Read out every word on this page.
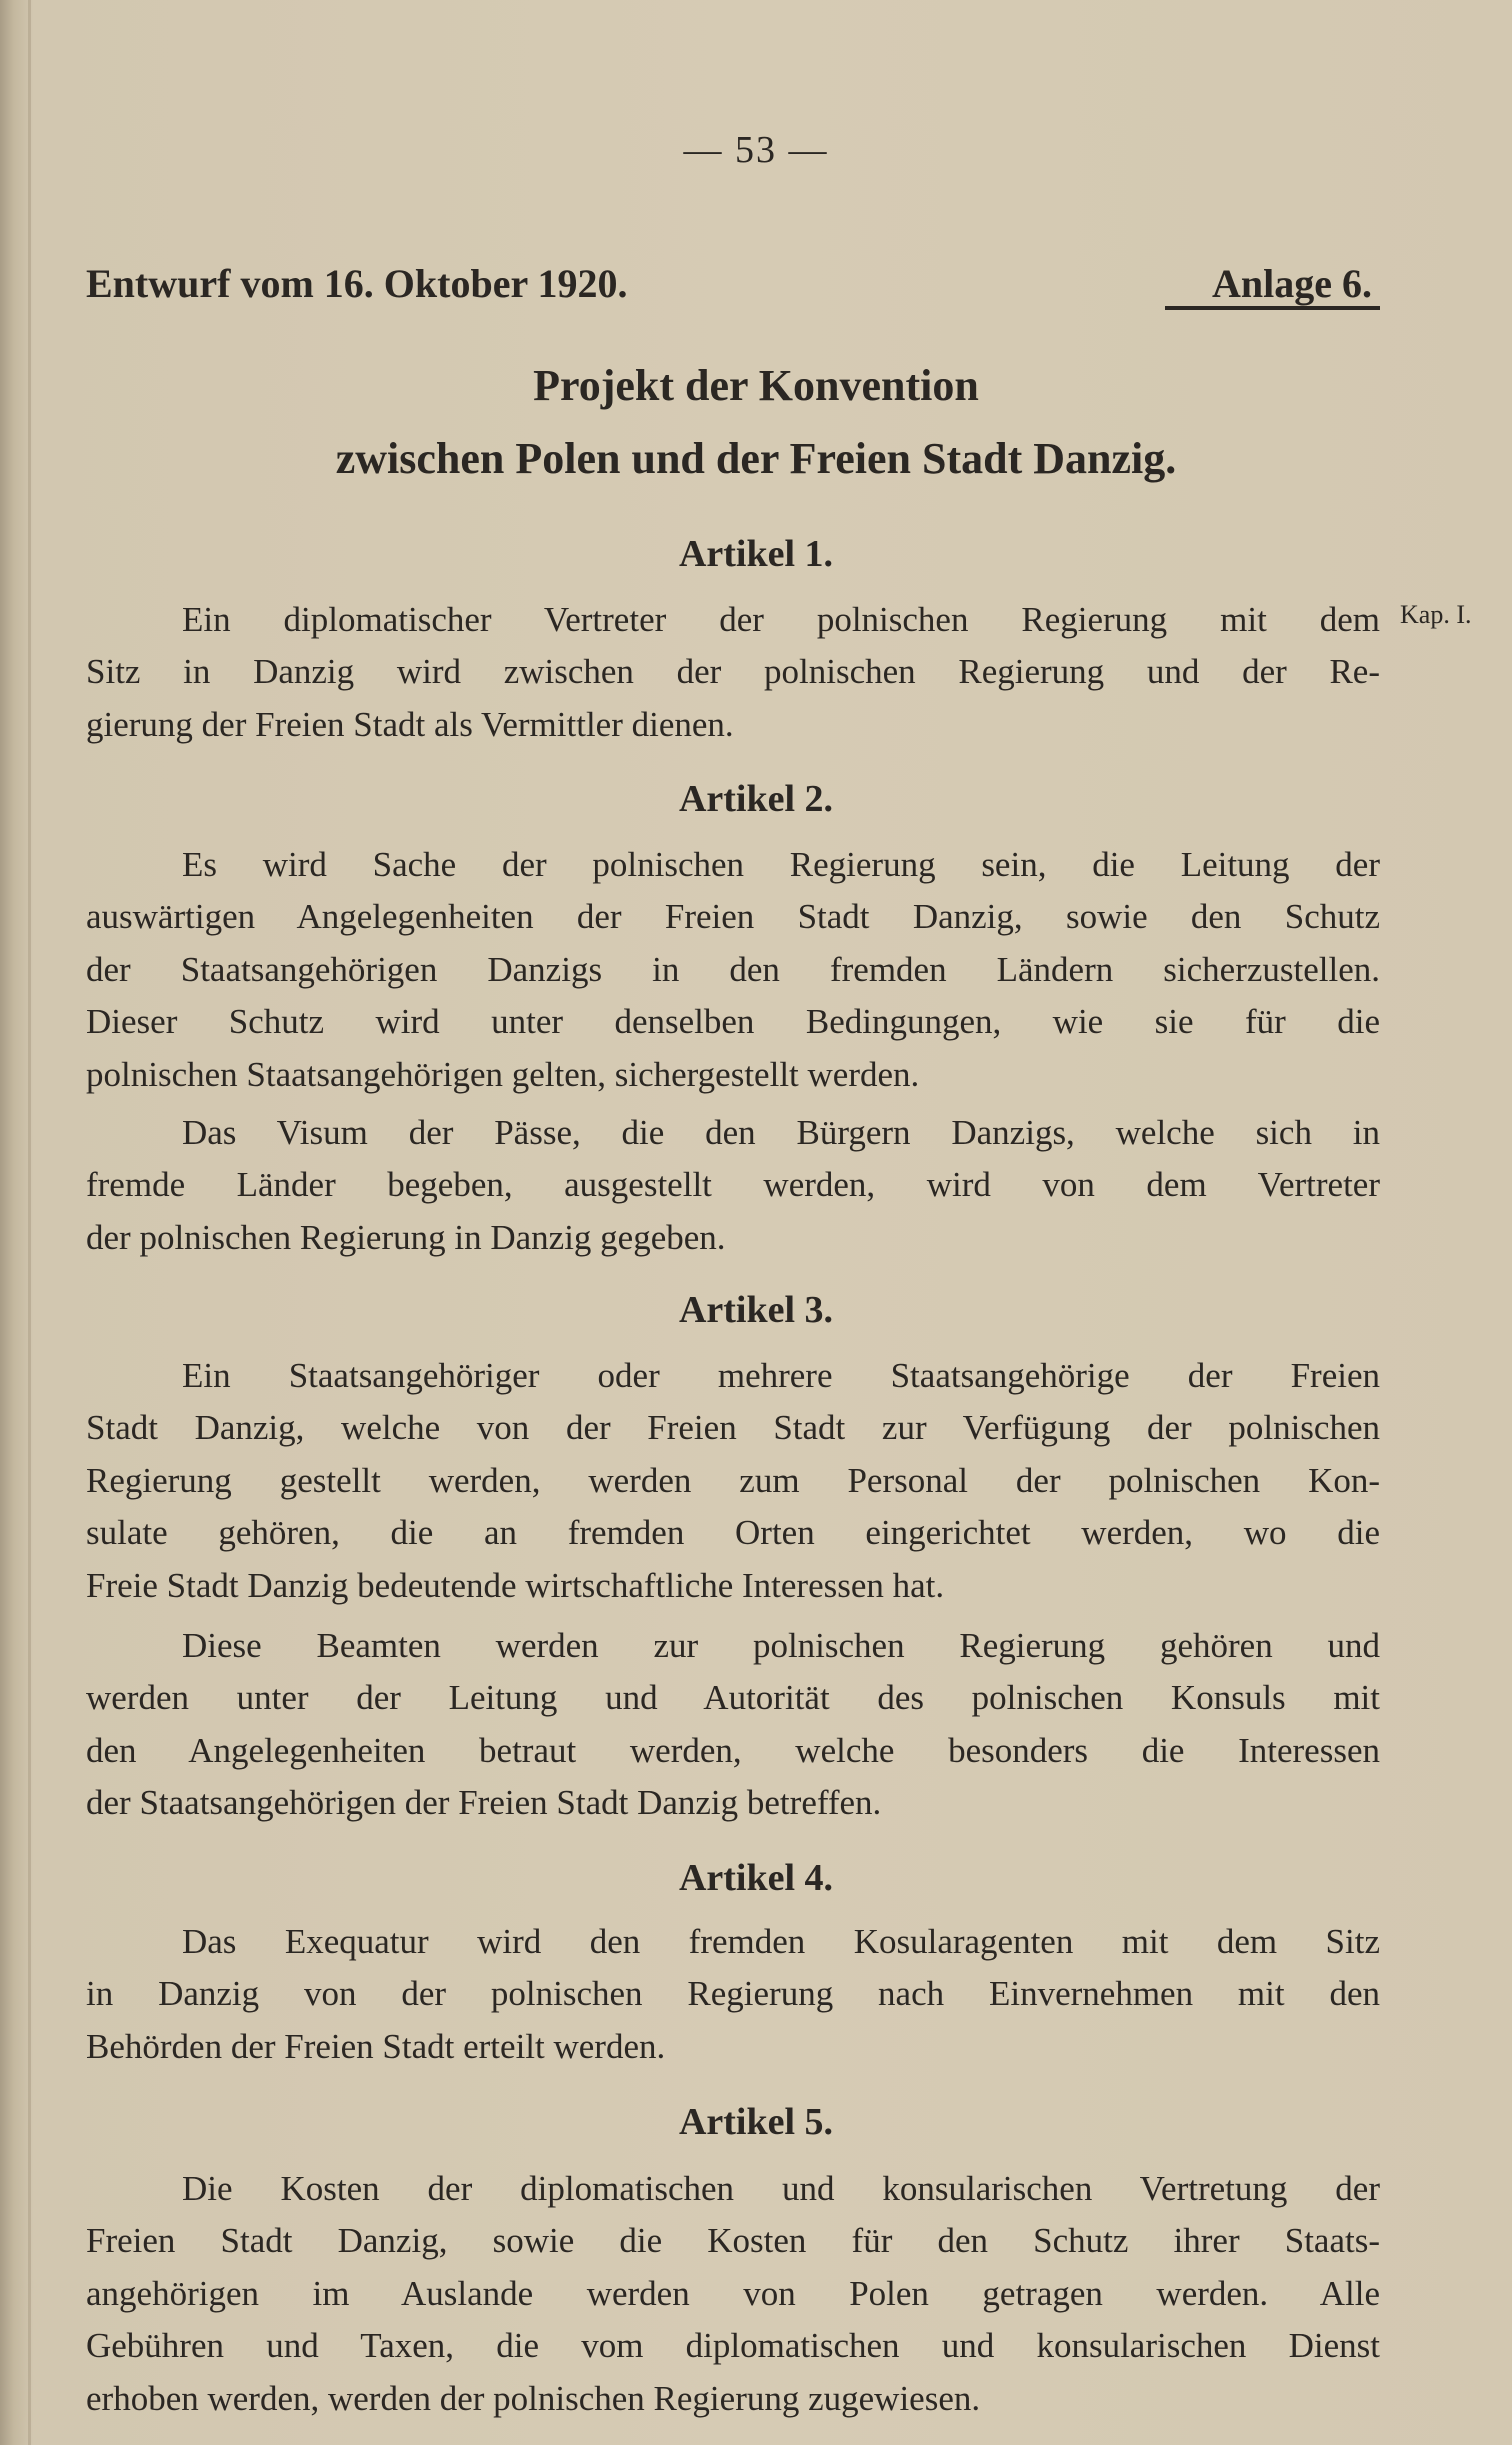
— 53 —
Entwurf vom 16. Oktober 1920.	Anlage 6.
Projekt der Konvention
zwischen Polen und der Freien Stadt Danzig.
Kap. I.
Artikel 1.
Ein diplomatischer Vertreter der polnischen Regierung mit dem
Sitz in Danzig wird zwischen der polnischen Regierung und der Re-
gierung der Freien Stadt als Vermittler dienen.
Artikel 2.
Es wird Sache der polnischen Regierung sein, die Leitung der
auswärtigen Angelegenheiten der Freien Stadt Danzig, sowie den Schutz
der Staatsangehörigen Danzigs in den fremden Ländern sicherzustellen.
Dieser Schutz wird unter denselben Bedingungen, wie sie für die
polnischen Staatsangehörigen gelten, sichergestellt werden.
Das Visum der Pässe, die den Bürgern Danzigs, welche sich in
fremde Länder begeben, ausgestellt werden, wird von dem Vertreter
der polnischen Regierung in Danzig gegeben.
Artikel 3.
Ein Staatsangehöriger oder mehrere Staatsangehörige der Freien
Stadt Danzig, welche von der Freien Stadt zur Verfügung der polnischen
Regierung gestellt werden, werden zum Personal der polnischen Kon-
sulate gehören, die an fremden Orten eingerichtet werden, wo die
Freie Stadt Danzig bedeutende wirtschaftliche Interessen hat.
Diese Beamten werden zur polnischen Regierung gehören und
werden unter der Leitung und Autorität des polnischen Konsuls mit
den Angelegenheiten betraut werden, welche besonders die Interessen
der Staatsangehörigen der Freien Stadt Danzig betreffen.
Artikel 4.
Das Exequatur wird den fremden Kosularagenten mit dem Sitz
in Danzig von der polnischen Regierung nach Einvernehmen mit den
Behörden der Freien Stadt erteilt werden.
Artikel 5.
Die Kosten der diplomatischen und konsularischen Vertretung der
Freien Stadt Danzig, sowie die Kosten für den Schutz ihrer Staats-
angehörigen im Auslande werden von Polen getragen werden. Alle
Gebühren und Taxen, die vom diplomatischen und konsularischen Dienst
erhoben werden, werden der polnischen Regierung zugewiesen.
